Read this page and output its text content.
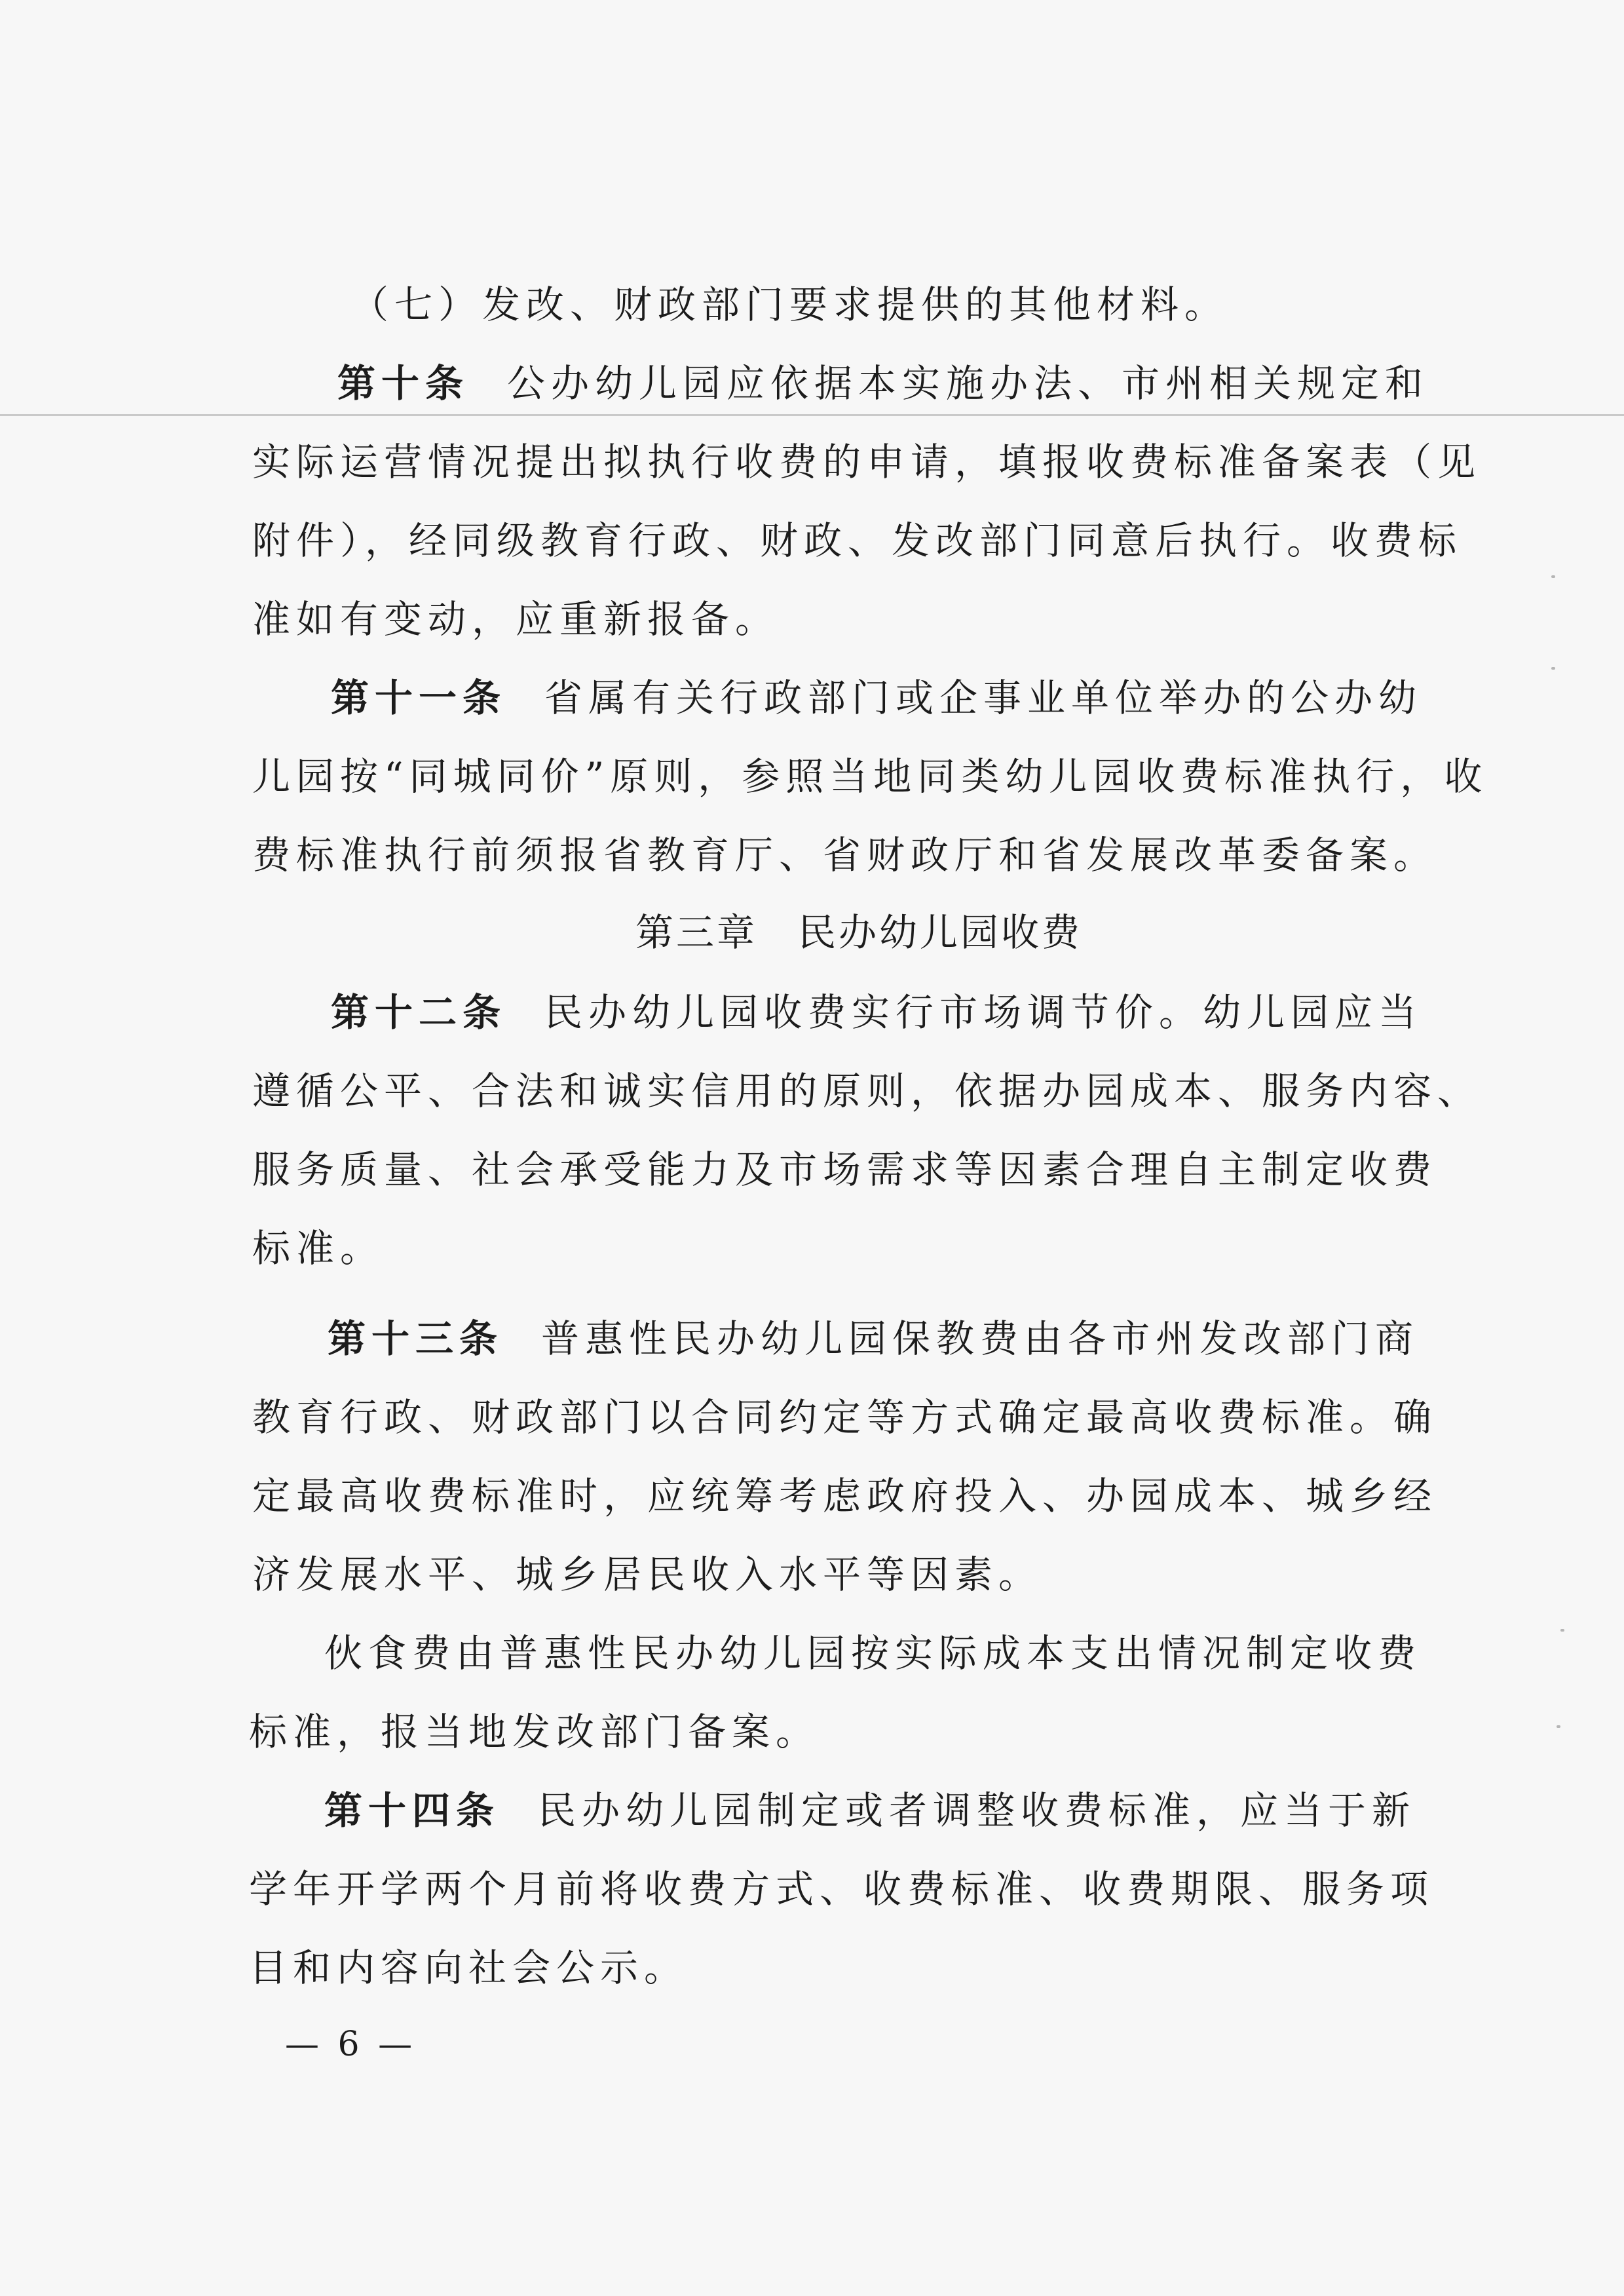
（七）发改、财政部门要求提供的其他材料。
第十条 公办幼儿园应依据本实施办法、市州相关规定和
实际运营情况提出拟执行收费的申请，填报收费标准备案表（见
附件），经同级教育行政、财政、发改部门同意后执行。收费标
准如有变动，应重新报备。
第十一条 省属有关行政部门或企事业单位举办的公办幼
儿园按“同城同价”原则，参照当地同类幼儿园收费标准执行，收
费标准执行前须报省教育厅、省财政厅和省发展改革委备案。
第三章　民办幼儿园收费
第十二条 民办幼儿园收费实行市场调节价。幼儿园应当
遵循公平、合法和诚实信用的原则，依据办园成本、服务内容、
服务质量、社会承受能力及市场需求等因素合理自主制定收费
标准。
第十三条 普惠性民办幼儿园保教费由各市州发改部门商
教育行政、财政部门以合同约定等方式确定最高收费标准。确
定最高收费标准时，应统筹考虑政府投入、办园成本、城乡经
济发展水平、城乡居民收入水平等因素。
伙食费由普惠性民办幼儿园按实际成本支出情况制定收费
标准，报当地发改部门备案。
第十四条 民办幼儿园制定或者调整收费标准，应当于新
学年开学两个月前将收费方式、收费标准、收费期限、服务项
目和内容向社会公示。
— 6 —
